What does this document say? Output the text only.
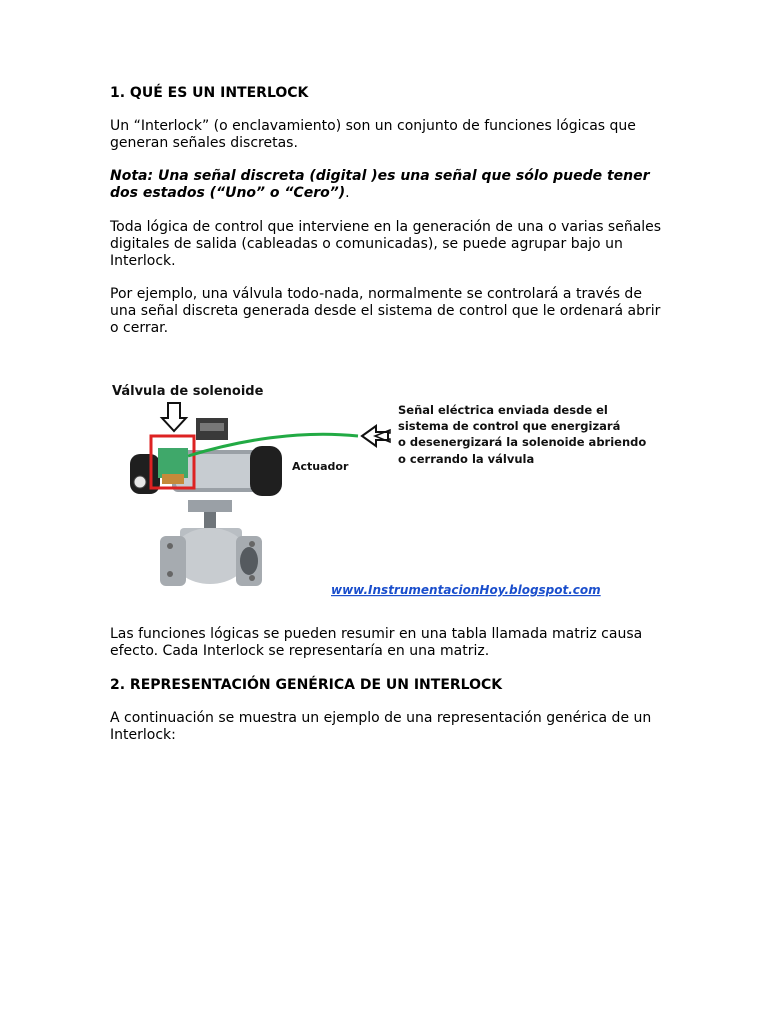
1. QUÉ ES UN INTERLOCK

Un “Interlock” (o enclavamiento) son un conjunto de funciones lógicas que generan señales discretas.

Nota: Una señal discreta (digital )es una señal que sólo puede tener dos estados (“Uno” o “Cero”).

Toda lógica de control que interviene en la generación de una o varias señales digitales de salida (cableadas o comunicadas), se puede agrupar bajo un Interlock.

Por ejemplo, una válvula todo-nada, normalmente se controlará a través de una señal discreta generada desde el sistema de control que le ordenará abrir o cerrar.

Válvula de solenoide
Actuador
Señal eléctrica enviada desde el
sistema de control que energizará
o desenergizará la solenoide abriendo
o cerrando la válvula
www.InstrumentacionHoy.blogspot.com

Las funciones lógicas se pueden resumir en una tabla llamada matriz causa efecto. Cada Interlock se representaría en una matriz.

2. REPRESENTACIÓN GENÉRICA DE UN INTERLOCK

A continuación se muestra un ejemplo de una representación genérica de un Interlock:
